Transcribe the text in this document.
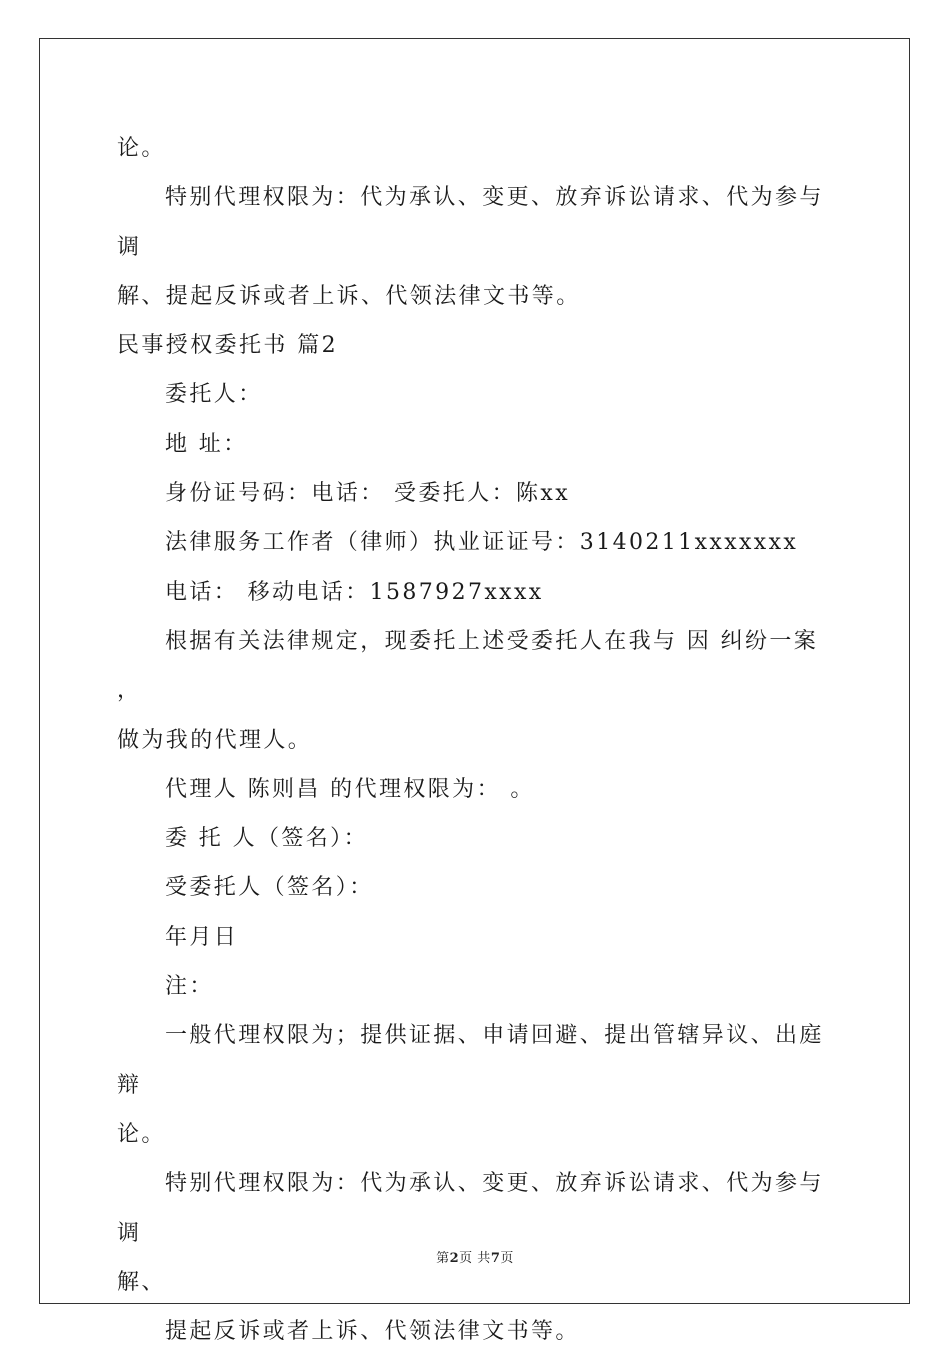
论。

特别代理权限为：代为承认、变更、放弃诉讼请求、代为参与调

解、提起反诉或者上诉、代领法律文书等。

民事授权委托书 篇2

委托人：

地 址：

身份证号码：电话： 受委托人：陈xx

法律服务工作者（律师）执业证证号：3140211xxxxxxx

电话： 移动电话：1587927xxxx

根据有关法律规定，现委托上述受委托人在我与 因 纠纷一案 ，

做为我的代理人。

代理人 陈则昌 的代理权限为： 。

委 托 人（签名）：

受委托人（签名）：

年月日

注：

一般代理权限为；提供证据、申请回避、提出管辖异议、出庭辩

论。

特别代理权限为：代为承认、变更、放弃诉讼请求、代为参与调

解、

提起反诉或者上诉、代领法律文书等。

第2页 共7页
